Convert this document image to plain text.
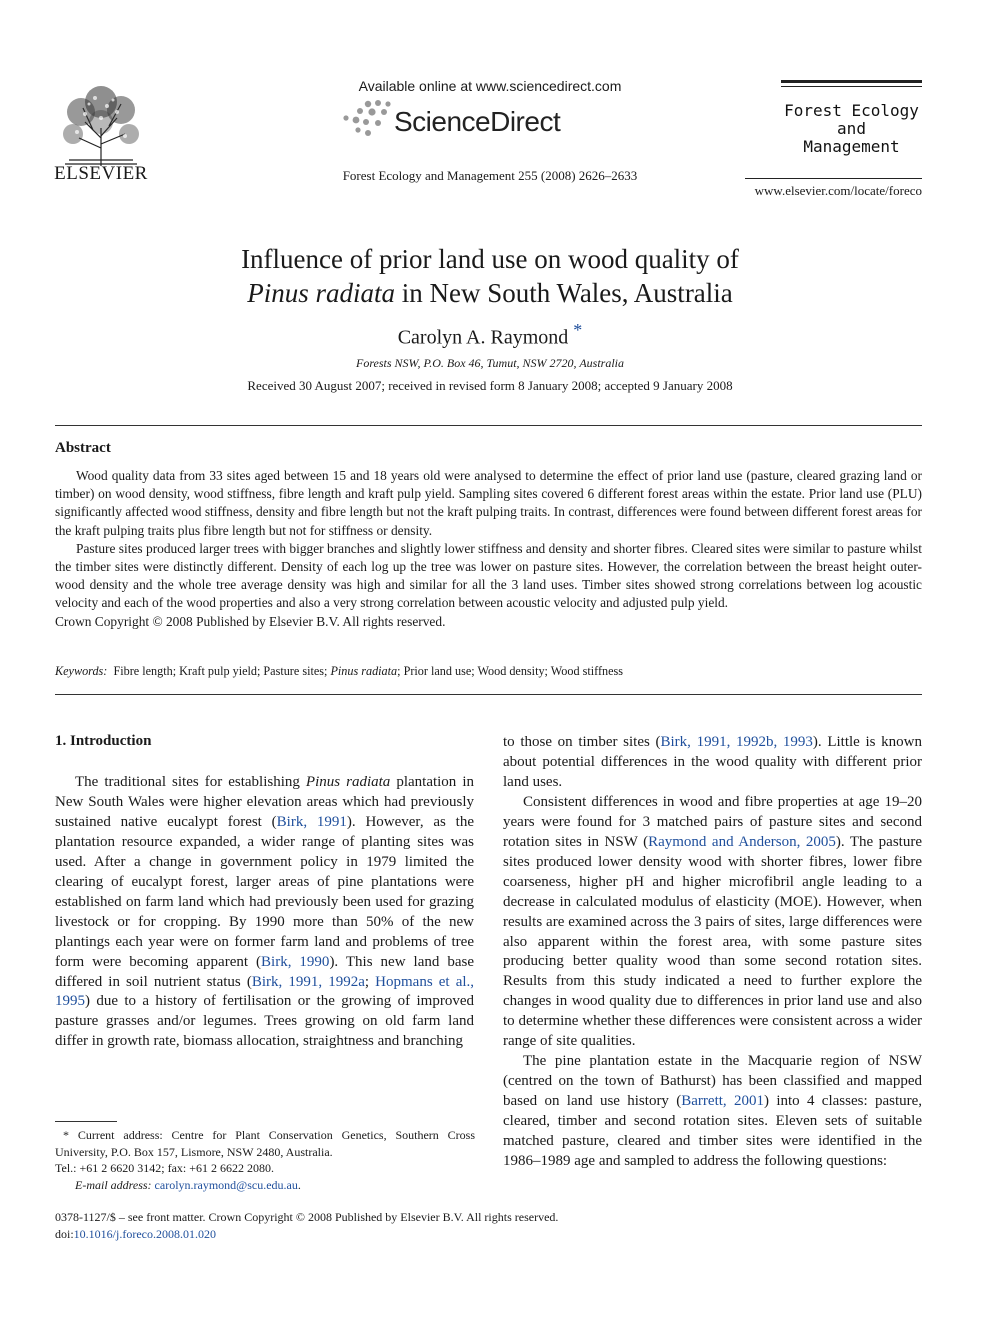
ELSEVIER
Available online at www.sciencedirect.com
ScienceDirect
Forest Ecology and Management 255 (2008) 2626–2633
Forest Ecology
and
Management
www.elsevier.com/locate/foreco
Influence of prior land use on wood quality of
Pinus radiata in New South Wales, Australia
Carolyn A. Raymond *
Forests NSW, P.O. Box 46, Tumut, NSW 2720, Australia
Received 30 August 2007; received in revised form 8 January 2008; accepted 9 January 2008
Abstract

Wood quality data from 33 sites aged between 15 and 18 years old were analysed to determine the effect of prior land use (pasture, cleared grazing land or timber) on wood density, wood stiffness, fibre length and kraft pulp yield. Sampling sites covered 6 different forest areas within the estate. Prior land use (PLU) significantly affected wood stiffness, density and fibre length but not the kraft pulping traits. In contrast, differences were found between different forest areas for the kraft pulping traits plus fibre length but not for stiffness or density.

Pasture sites produced larger trees with bigger branches and slightly lower stiffness and density and shorter fibres. Cleared sites were similar to pasture whilst the timber sites were distinctly different. Density of each log up the tree was lower on pasture sites. However, the correlation between the breast height outer-wood density and the whole tree average density was high and similar for all the 3 land uses. Timber sites showed strong correlations between log acoustic velocity and each of the wood properties and also a very strong correlation between acoustic velocity and adjusted pulp yield.

Crown Copyright © 2008 Published by Elsevier B.V. All rights reserved.

Keywords: Fibre length; Kraft pulp yield; Pasture sites; Pinus radiata; Prior land use; Wood density; Wood stiffness
1. Introduction

The traditional sites for establishing Pinus radiata plantation in New South Wales were higher elevation areas which had previously sustained native eucalypt forest (Birk, 1991). However, as the plantation resource expanded, a wider range of planting sites was used. After a change in government policy in 1979 limited the clearing of eucalypt forest, larger areas of pine plantations were established on farm land which had previously been used for grazing livestock or for cropping. By 1990 more than 50% of the new plantings each year were on former farm land and problems of tree form were becoming apparent (Birk, 1990). This new land base differed in soil nutrient status (Birk, 1991, 1992a; Hopmans et al., 1995) due to a history of fertilisation or the growing of improved pasture grasses and/or legumes. Trees growing on old farm land differ in growth rate, biomass allocation, straightness and branching

to those on timber sites (Birk, 1991, 1992b, 1993). Little is known about potential differences in the wood quality with different prior land uses.

Consistent differences in wood and fibre properties at age 19–20 years were found for 3 matched pairs of pasture sites and second rotation sites in NSW (Raymond and Anderson, 2005). The pasture sites produced lower density wood with shorter fibres, lower fibre coarseness, higher pH and higher microfibril angle leading to a decrease in calculated modulus of elasticity (MOE). However, when results are examined across the 3 pairs of sites, large differences were also apparent within the forest area, with some pasture sites producing better quality wood than some second rotation sites. Results from this study indicated a need to further explore the changes in wood quality due to differences in prior land use and also to determine whether these differences were consistent across a wider range of site qualities.

The pine plantation estate in the Macquarie region of NSW (centred on the town of Bathurst) has been classified and mapped based on land use history (Barrett, 2001) into 4 classes: pasture, cleared, timber and second rotation sites. Eleven sets of suitable matched pasture, cleared and timber sites were identified in the 1986–1989 age and sampled to address the following questions:

* Current address: Centre for Plant Conservation Genetics, Southern Cross University, P.O. Box 157, Lismore, NSW 2480, Australia.

Tel.: +61 2 6620 3142; fax: +61 2 6622 2080.

E-mail address: carolyn.raymond@scu.edu.au.

0378-1127/$ – see front matter. Crown Copyright © 2008 Published by Elsevier B.V. All rights reserved.
doi:10.1016/j.foreco.2008.01.020
